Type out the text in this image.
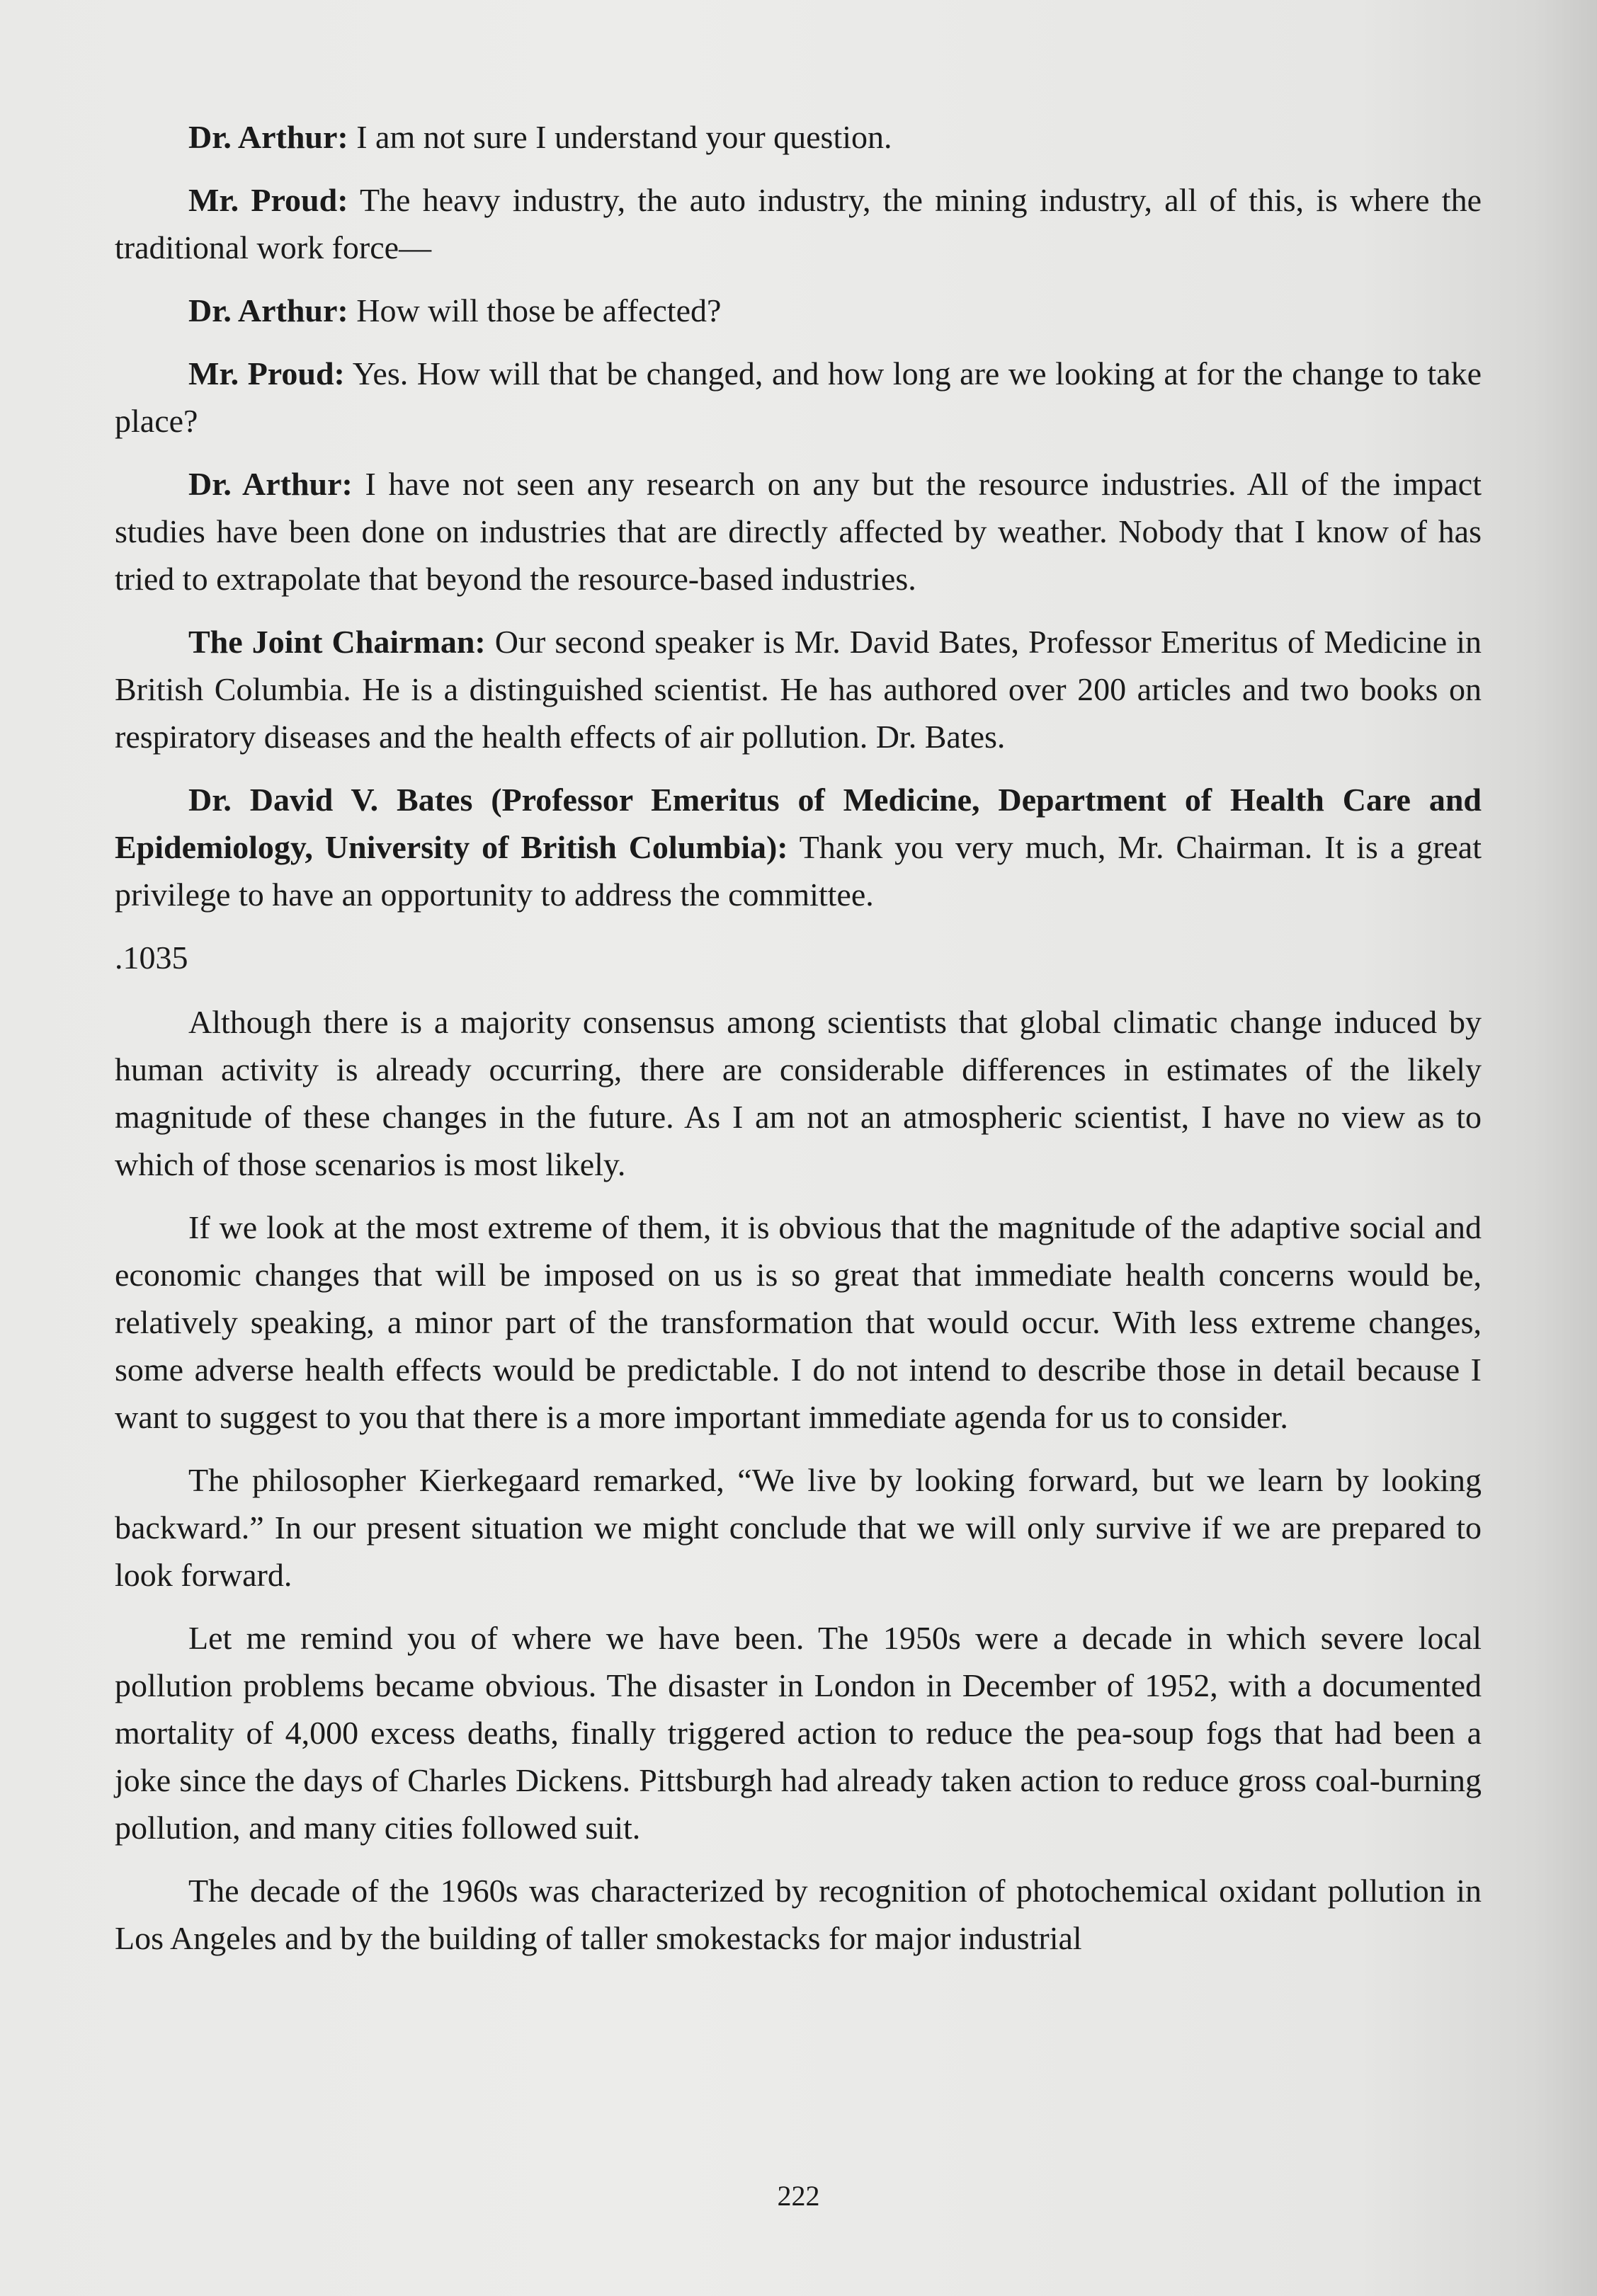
Dr. Arthur: I am not sure I understand your question.

Mr. Proud: The heavy industry, the auto industry, the mining industry, all of this, is where the traditional work force—

Dr. Arthur: How will those be affected?

Mr. Proud: Yes. How will that be changed, and how long are we looking at for the change to take place?

Dr. Arthur: I have not seen any research on any but the resource industries. All of the impact studies have been done on industries that are directly affected by weather. Nobody that I know of has tried to extrapolate that beyond the resource-based industries.

The Joint Chairman: Our second speaker is Mr. David Bates, Professor Emeritus of Medicine in British Columbia. He is a distinguished scientist. He has authored over 200 articles and two books on respiratory diseases and the health effects of air pollution. Dr. Bates.

Dr. David V. Bates (Professor Emeritus of Medicine, Department of Health Care and Epidemiology, University of British Columbia): Thank you very much, Mr. Chairman. It is a great privilege to have an opportunity to address the committee.

.1035

Although there is a majority consensus among scientists that global climatic change induced by human activity is already occurring, there are considerable differences in estimates of the likely magnitude of these changes in the future. As I am not an atmospheric scientist, I have no view as to which of those scenarios is most likely.

If we look at the most extreme of them, it is obvious that the magnitude of the adaptive social and economic changes that will be imposed on us is so great that immediate health concerns would be, relatively speaking, a minor part of the transformation that would occur. With less extreme changes, some adverse health effects would be predictable. I do not intend to describe those in detail because I want to suggest to you that there is a more important immediate agenda for us to consider.

The philosopher Kierkegaard remarked, “We live by looking forward, but we learn by looking backward.” In our present situation we might conclude that we will only survive if we are prepared to look forward.

Let me remind you of where we have been. The 1950s were a decade in which severe local pollution problems became obvious. The disaster in London in December of 1952, with a documented mortality of 4,000 excess deaths, finally triggered action to reduce the pea-soup fogs that had been a joke since the days of Charles Dickens. Pittsburgh had already taken action to reduce gross coal-burning pollution, and many cities followed suit.

The decade of the 1960s was characterized by recognition of photochemical oxidant pollution in Los Angeles and by the building of taller smokestacks for major industrial

222
